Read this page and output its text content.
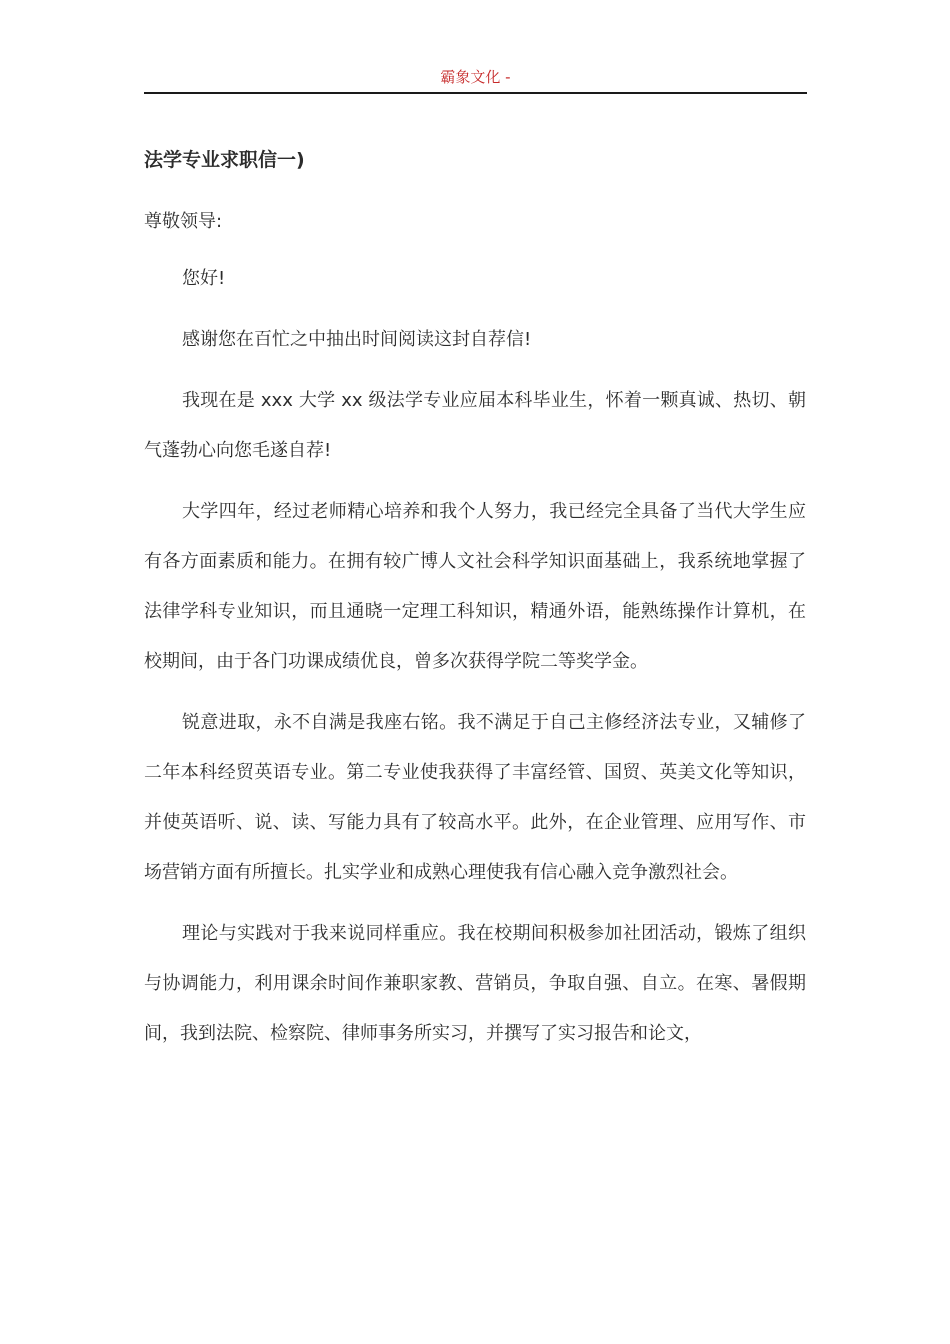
霸象文化 -
法学专业求职信一)

尊敬领导:

您好!

感谢您在百忙之中抽出时间阅读这封自荐信!

我现在是 xxx 大学 xx 级法学专业应届本科毕业生，怀着一颗真诚、热切、朝气蓬勃心向您毛遂自荐!

大学四年，经过老师精心培养和我个人努力，我已经完全具备了当代大学生应有各方面素质和能力。在拥有较广博人文社会科学知识面基础上，我系统地掌握了法律学科专业知识，而且通晓一定理工科知识，精通外语，能熟练操作计算机，在校期间，由于各门功课成绩优良，曾多次获得学院二等奖学金。

锐意进取，永不自满是我座右铭。我不满足于自己主修经济法专业，又辅修了二年本科经贸英语专业。第二专业使我获得了丰富经管、国贸、英美文化等知识，并使英语听、说、读、写能力具有了较高水平。此外，在企业管理、应用写作、市场营销方面有所擅长。扎实学业和成熟心理使我有信心融入竞争激烈社会。

理论与实践对于我来说同样重应。我在校期间积极参加社团活动，锻炼了组织与协调能力，利用课余时间作兼职家教、营销员，争取自强、自立。在寒、暑假期间，我到法院、检察院、律师事务所实习，并撰写了实习报告和论文，
